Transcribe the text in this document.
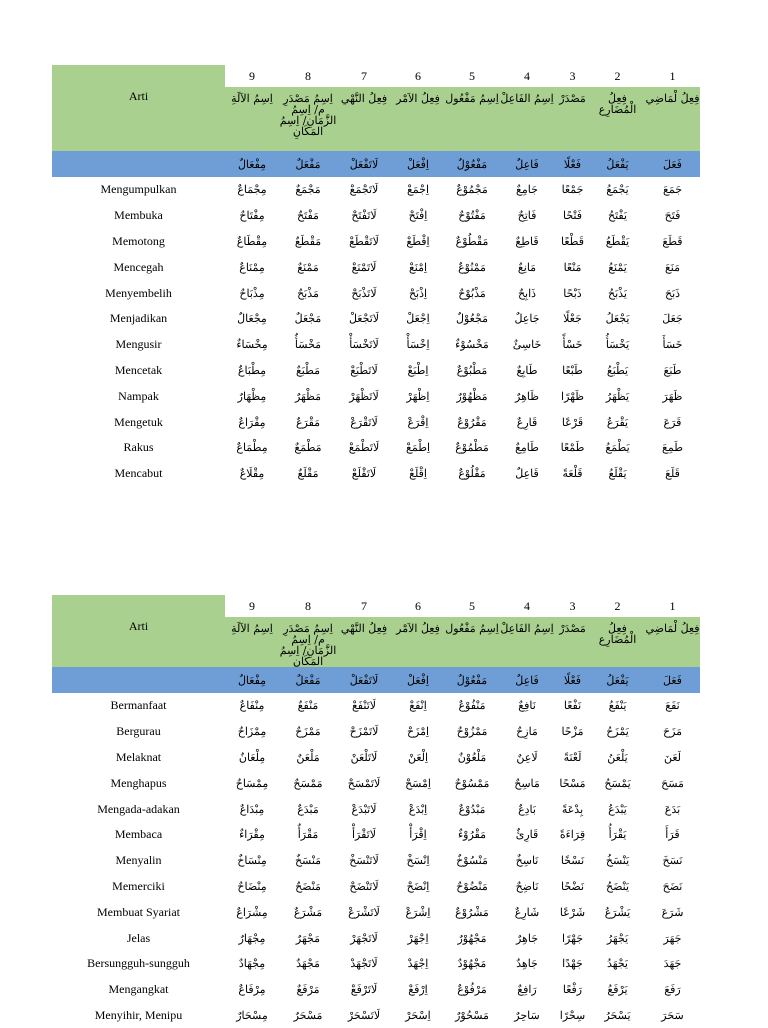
Arti	9	8	7	6	5	4	3	2	1
	اِسِمُ الآلَةِ	اِسِمُ مَصْدَرِ م/ اِسِمُ الزَّمَانِ/ اِسِمُ المَكَانِ	فِعِلُ النَّهْي	فِعِلُ الاَمْر	اِسِمُ مَفْعُول	اِسِمُ الفَاعِلْ	مَصْدَرْ	فِعِلُ الْمُضَارِع	فِعِلُ لْمَاضِي
	مِفْعَالٌ	مَفْعَلٌ	لَاتَفْعَلْ	اِفْعَلْ	مَفْعُوْلٌ	فَاعِلٌ	فَعْلًا	يَفْعَلُ	فَعَلَ
Mengumpulkan	مِجْمَاعٌ	مَجْمَعٌ	لَاتَجْمَعْ	اِجْمَعْ	مَجْمُوْعٌ	جَامِعٌ	جَمْعًا	يَجْمَعُ	جَمَعَ
Membuka	مِفْتَاحٌ	مَفْتَحٌ	لَاتَفْتَحْ	اِفْتَحْ	مَفْتُوْحٌ	فَاتِحٌ	فَتْحًا	يَفْتَحُ	فَتَحَ
Memotong	مِقْطَاعٌ	مَقْطَعٌ	لَاتَقْطَعْ	اِقْطَعْ	مَقْطُوْعٌ	قَاطِعٌ	قَطْعًا	يَقْطَعُ	قَطَعَ
Mencegah	مِمْنَاعٌ	مَمْنَعٌ	لَاتَمْنَعْ	اِمْنَعْ	مَمْنُوْعٌ	مَانِعٌ	مَنْعًا	يَمْنَعُ	مَنَعَ
Menyembelih	مِذْبَاحٌ	مَذْبَحٌ	لَاتَذْبَحْ	اِذْبَحْ	مَذْبُوْحٌ	ذَابِحٌ	ذَبْحًا	يَذْبَحُ	ذَبَحَ
Menjadikan	مِجْعَالٌ	مَجْعَلٌ	لَاتَجْعَلْ	اِجْعَلْ	مَجْعُوْلٌ	جَاعِلٌ	جَعْلًا	يَجْعَلُ	جَعَلَ
Mengusir	مِخْسَاءٌ	مَخْسَأٌ	لَاتَخْسَأْ	اِخْسَأْ	مَخْسُوْءٌ	خَاسِئٌ	خَسْأً	يَخْسَأُ	خَسَأَ
Mencetak	مِطْبَاعٌ	مَطْبَعٌ	لَاتَطْبَعْ	اِطْبَعْ	مَطْبُوْعٌ	طَابِعٌ	طَبْعًا	يَطْبَعُ	طَبَعَ
Nampak	مِظْهَارٌ	مَظْهَرٌ	لَاتَظْهَرْ	اِظْهَرْ	مَظْهُوْرٌ	ظَاهِرٌ	ظَهْرًا	يَظْهَرُ	ظَهَرَ
Mengetuk	مِقْرَاعٌ	مَقْرَعٌ	لَاتَقْرَعْ	اِقْرَعْ	مَقْرُوْعٌ	قَارِعٌ	قَرْعًا	يَقْرَعُ	قَرَعَ
Rakus	مِطْمَاعٌ	مَطْمَعٌ	لَاتَطْمَعْ	اِطْمَعْ	مَطْمُوْعٌ	طَامِعٌ	طَمْعًا	يَطْمَعُ	طَمِعَ
Mencabut	مِقْلَاعٌ	مَقْلَعٌ	لَاتَقْلَعْ	اِقْلَعْ	مَقْلُوْعٌ	قَاعِلٌ	قَلْعَةً	يَقْلَعُ	قَلَعَ
Arti	9	8	7	6	5	4	3	2	1
	اِسِمُ الآلَةِ	اِسِمُ مَصْدَرِ م/ اِسِمُ الزَّمَانِ/ اِسِمُ المَكَانِ	فِعِلُ النَّهْي	فِعِلُ الاَمْر	اِسِمُ مَفْعُول	اِسِمُ الفَاعِلْ	مَصْدَرْ	فِعِلُ الْمُضَارِع	فِعِلُ لْمَاضِي
	مِفْعَالٌ	مَفْعَلٌ	لَاتَفْعَلْ	اِفْعَلْ	مَفْعُوْلٌ	فَاعِلٌ	فَعْلًا	يَفْعَلُ	فَعَلَ
Bermanfaat	مِنْفَاعٌ	مَنْفَعٌ	لَاتَنْفَعْ	اِنْفَعْ	مَنْفُوْعٌ	نَافِعٌ	نَفْعًا	يَنْفَعُ	نَفَعَ
Bergurau	مِمْزَاحٌ	مَمْزَحٌ	لَاتَمْزَحْ	اِمْزَحْ	مَمْزُوْحٌ	مَازِحٌ	مَزْحًا	يَمْزَحُ	مَزَحَ
Melaknat	مِلْعَانٌ	مَلْعَنٌ	لَاتَلْعَنْ	اِلْعَنْ	مَلْعُوْنٌ	لَاعِنٌ	لَعْنَةً	يَلْعَنُ	لَعَنَ
Menghapus	مِمْسَاحٌ	مَمْسَحٌ	لَاتَمْسَحْ	اِمْسَحْ	مَمْسُوْحٌ	مَاسِحٌ	مَسْحًا	يَمْسَحُ	مَسَحَ
Mengada-adakan	مِبْدَاعٌ	مَبْدَعٌ	لَاتَبْدَعْ	اِبْدَعْ	مَبْدُوْعٌ	بَادِعٌ	بِدْعَةً	يَبْدَعُ	بَدَعَ
Membaca	مِقْرَاءٌ	مَقْرَأٌ	لَاتَقْرَأْ	اِقْرَأْ	مَقْرُوْءٌ	قَارِئٌ	قِرَاءَةً	يَقْرَأُ	قَرَأَ
Menyalin	مِنْسَاخٌ	مَنْسَخٌ	لَاتَنْسَخْ	اِنْسَخْ	مَنْسُوْخٌ	نَاسِخٌ	نَسْخًا	يَنْسَخُ	نَسَخَ
Memerciki	مِنْضَاحٌ	مَنْضَحٌ	لَاتَنْضَحْ	اِنْضَحْ	مَنْضُوْحٌ	نَاضِحٌ	نَضْحًا	يَنْضَحُ	نَضَحَ
Membuat Syariat	مِشْرَاعٌ	مَشْرَعٌ	لَاتَشْرَعْ	اِشْرَعْ	مَشْرُوْعٌ	شَارِعٌ	شَرْعًا	يَشْرَعُ	شَرَعَ
Jelas	مِجْهَارٌ	مَجْهَرٌ	لَاتَجْهَرْ	اِجْهَرْ	مَجْهُوْرٌ	جَاهِرٌ	جَهْرًا	يَجْهَرُ	جَهَرَ
Bersungguh-sungguh	مِجْهَادٌ	مَجْهَدٌ	لَاتَجْهَدْ	اِجْهَدْ	مَجْهُوْدٌ	جَاهِدٌ	جَهْدًا	يَجْهَدُ	جَهَدَ
Mengangkat	مِرْفَاعٌ	مَرْفَعٌ	لَاتَرْفَعْ	اِرْفَعْ	مَرْفُوْعٌ	رَافِعٌ	رَفْعًا	يَرْفَعُ	رَفَعَ
Menyihir, Menipu	مِسْحَارٌ	مَسْحَرٌ	لَاتَسْحَرْ	اِسْحَرْ	مَسْحُوْرٌ	سَاحِرٌ	سِحْرًا	يَسْحَرُ	سَحَرَ
